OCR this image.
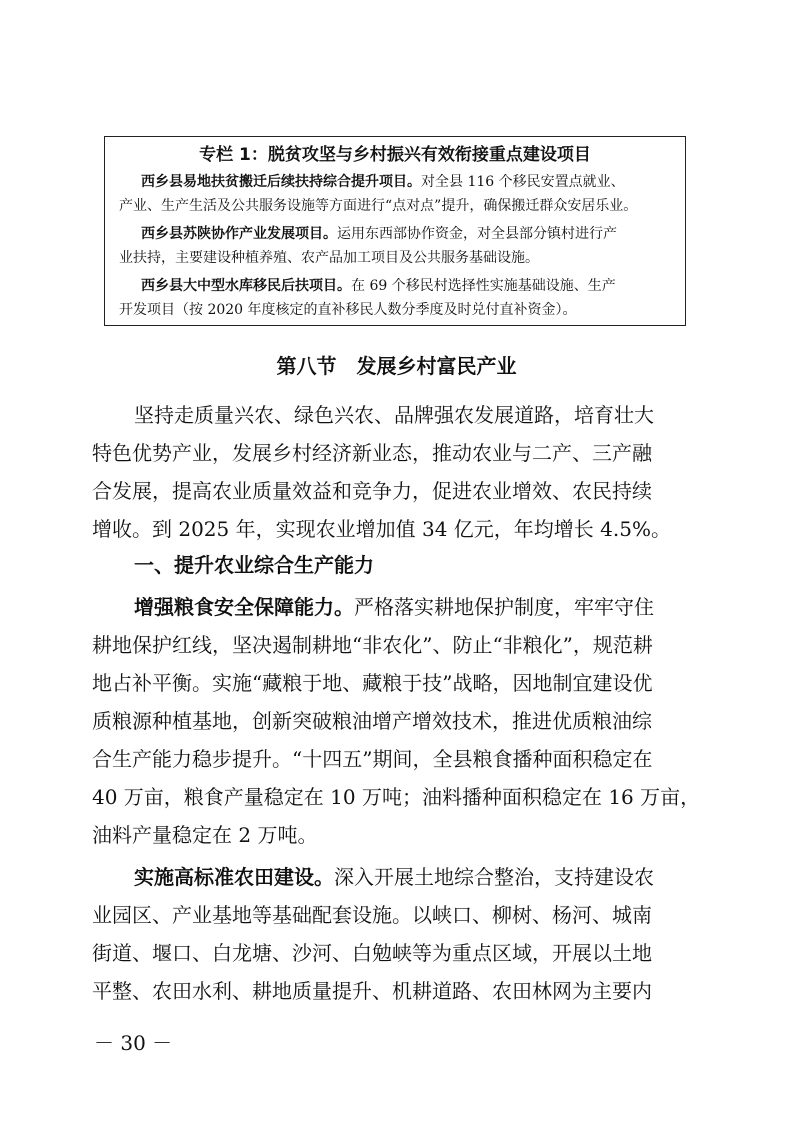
专栏 1：脱贫攻坚与乡村振兴有效衔接重点建设项目
西乡县易地扶贫搬迁后续扶持综合提升项目。对全县 116 个移民安置点就业、
产业、生产生活及公共服务设施等方面进行“点对点”提升，确保搬迁群众安居乐业。
西乡县苏陕协作产业发展项目。运用东西部协作资金，对全县部分镇村进行产
业扶持，主要建设种植养殖、农产品加工项目及公共服务基础设施。
西乡县大中型水库移民后扶项目。在 69 个移民村选择性实施基础设施、生产
开发项目（按 2020 年度核定的直补移民人数分季度及时兑付直补资金）。
第八节　发展乡村富民产业
坚持走质量兴农、绿色兴农、品牌强农发展道路，培育壮大
特色优势产业，发展乡村经济新业态，推动农业与二产、三产融
合发展，提高农业质量效益和竞争力，促进农业增效、农民持续
增收。到 2025 年，实现农业增加值 34 亿元，年均增长 4.5%。
一、提升农业综合生产能力
增强粮食安全保障能力。严格落实耕地保护制度，牢牢守住
耕地保护红线，坚决遏制耕地“非农化”、防止“非粮化”，规范耕
地占补平衡。实施“藏粮于地、藏粮于技”战略，因地制宜建设优
质粮源种植基地，创新突破粮油增产增效技术，推进优质粮油综
合生产能力稳步提升。“十四五”期间，全县粮食播种面积稳定在
40 万亩，粮食产量稳定在 10 万吨；油料播种面积稳定在 16 万亩，
油料产量稳定在 2 万吨。
实施高标准农田建设。深入开展土地综合整治，支持建设农
业园区、产业基地等基础配套设施。以峡口、柳树、杨河、城南
街道、堰口、白龙塘、沙河、白勉峡等为重点区域，开展以土地
平整、农田水利、耕地质量提升、机耕道路、农田林网为主要内
－ 30 －
